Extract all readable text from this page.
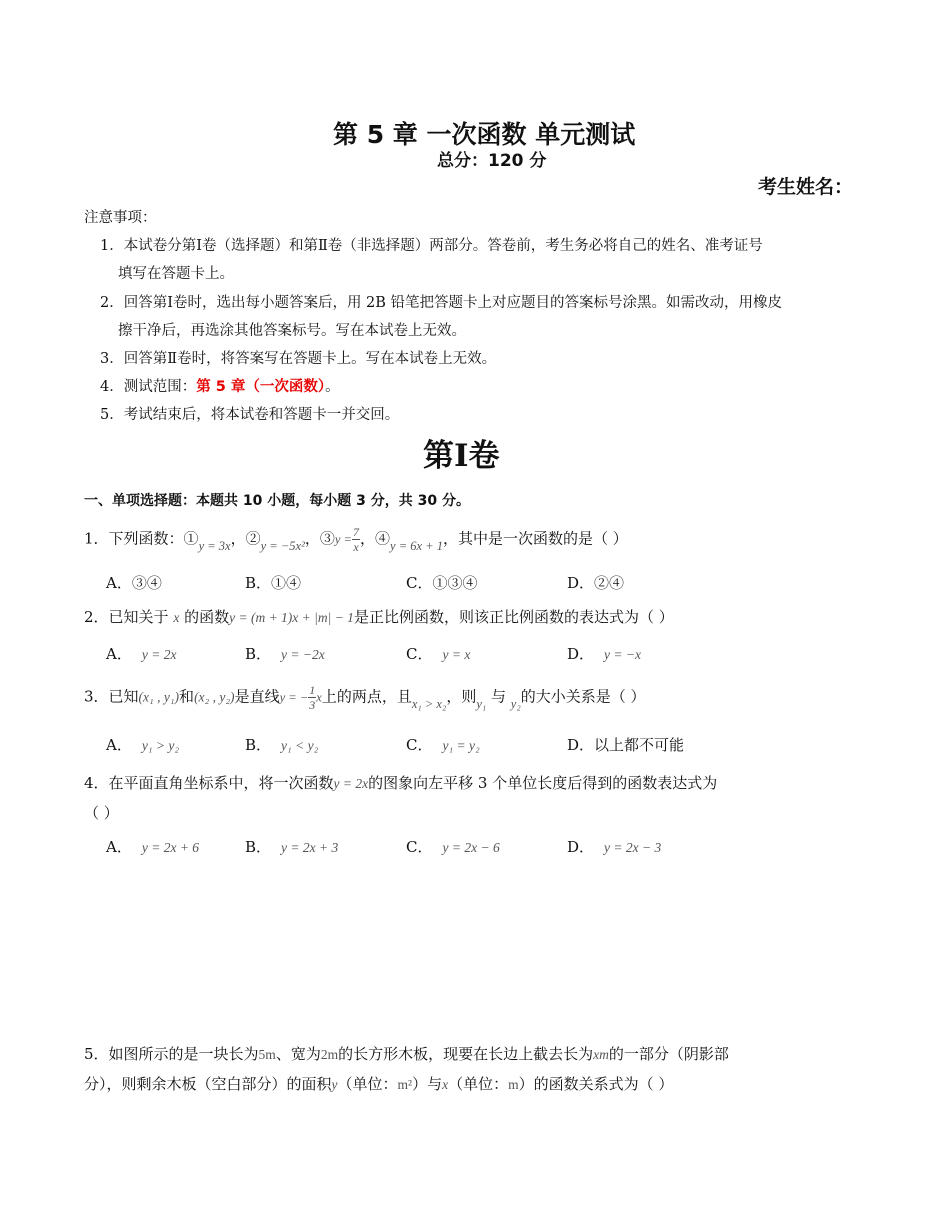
第 5 章 一次函数 单元测试
总分：120 分
考生姓名：
注意事项：
1．本试卷分第Ⅰ卷（选择题）和第Ⅱ卷（非选择题）两部分。答卷前，考生务必将自己的姓名、准考证号
填写在答题卡上。
2．回答第Ⅰ卷时，选出每小题答案后，用 2B 铅笔把答题卡上对应题目的答案标号涂黑。如需改动，用橡皮
擦干净后，再选涂其他答案标号。写在本试卷上无效。
3．回答第Ⅱ卷时，将答案写在答题卡上。写在本试卷上无效。
4．测试范围：第 5 章（一次函数）。
5．考试结束后，将本试卷和答题卡一并交回。
第Ⅰ卷
一、单项选择题：本题共 10 小题，每小题 3 分，共 30 分。
1．下列函数：$①_{y = 3x}$，$②_{y = -5x^2}$，③y = $\frac{7}{x}$ ，$④_{y = 6x + 1}$，其中是一次函数的是（ ）
A．③④	B．①④	C．①③④	D．②④
2．已知关于 x 的函数y = (m + 1)x + |m| − 1是正比例函数，则该正比例函数的表达式为（ ）
A． y = 2x	B． y = −2x	C． y = x	D． y = −x
3．已知(x₁ , y₁)和(x₂ , y₂)是直线y = − $\frac{1}{3}$ x上的两点，且$_{x_1 > x_2}$，则$_{y_1}$ 与 $_{y_2}$的大小关系是（ ）
A． y₁ > y₂	B． y₁ < y₂	C． y₁ = y₂	D．以上都不可能
4．在平面直角坐标系中，将一次函数y = 2x的图象向左平移 3 个单位长度后得到的函数表达式为
（ ）
A． y = 2x + 6	B． y = 2x + 3	C． y = 2x − 6	D． y = 2x − 3
5．如图所示的是一块长为5m、宽为2m的长方形木板，现要在长边上截去长为xm的一部分（阴影部
分），则剩余木板（空白部分）的面积y（单位：m²）与x（单位：m）的函数关系式为（ ）
